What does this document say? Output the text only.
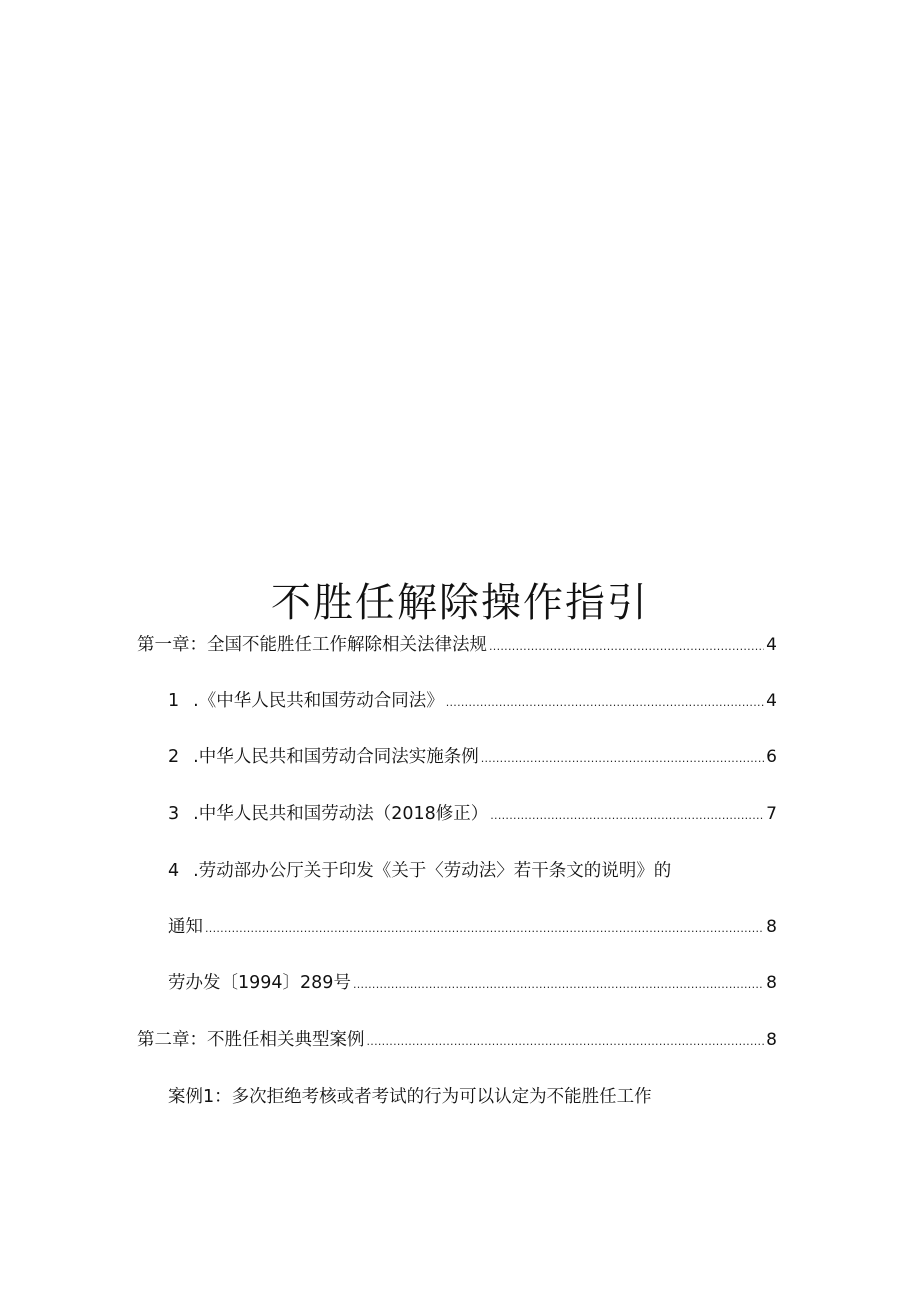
不胜任解除操作指引
第一章：全国不能胜任工作解除相关法律法规 .....	4
1 .《中华人民共和国劳动合同法》 .....	4
2 .中华人民共和国劳动合同法实施条例 .....	6
3 .中华人民共和国劳动法（2018修正） .....	7
4 .劳动部办公厅关于印发《关于〈劳动法〉若干条文的说明》的
通知 .....	8
劳办发〔1994〕289号 .....	8
第二章：不胜任相关典型案例 .....	8
案例1：多次拒绝考核或者考试的行为可以认定为不能胜任工作
